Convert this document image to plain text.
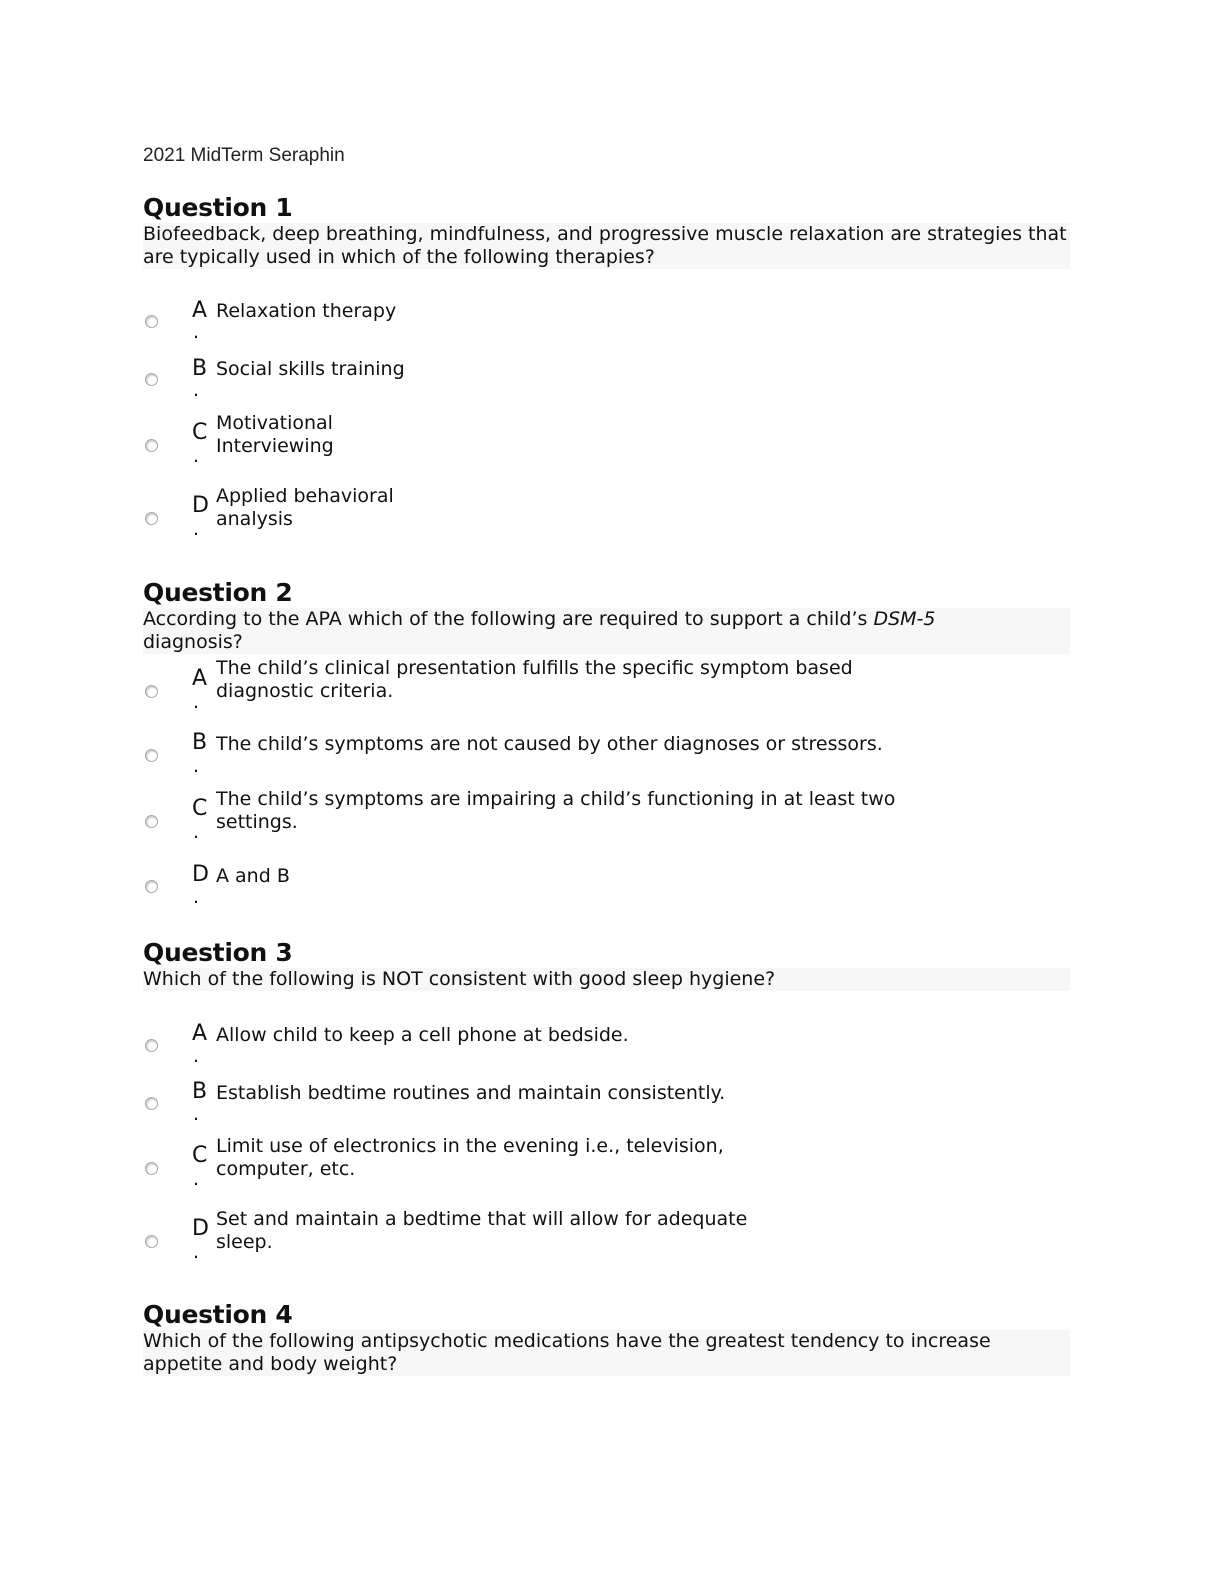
2021 MidTerm Seraphin
Question 1
Biofeedback, deep breathing, mindfulness, and progressive muscle relaxation are strategies that are typically used in which of the following therapies?
A
.
Relaxation therapy
B
.
Social skills training
C
.
Motivational Interviewing
D
.
Applied behavioral analysis
Question 2
According to the APA which of the following are required to support a child’s DSM-5 diagnosis?
A
.
The child’s clinical presentation fulfills the specific symptom based diagnostic criteria.
B
.
The child’s symptoms are not caused by other diagnoses or stressors.
C
.
The child’s symptoms are impairing a child’s functioning in at least two settings.
D
.
A and B
Question 3
Which of the following is NOT consistent with good sleep hygiene?
A
.
Allow child to keep a cell phone at bedside.
B
.
Establish bedtime routines and maintain consistently.
C
.
Limit use of electronics in the evening i.e., television, computer, etc.
D
.
Set and maintain a bedtime that will allow for adequate sleep.
Question 4
Which of the following antipsychotic medications have the greatest tendency to increase appetite and body weight?
